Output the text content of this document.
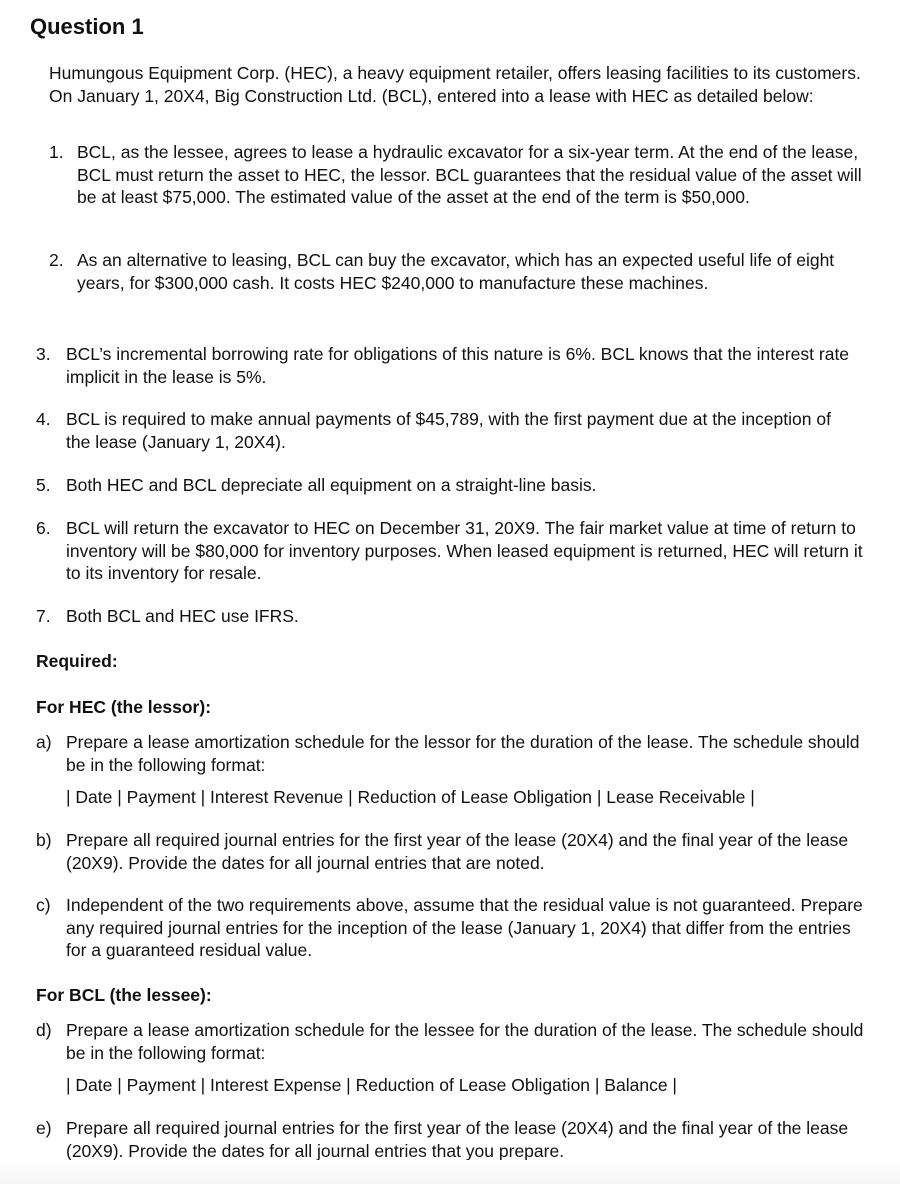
Question 1
Humungous Equipment Corp. (HEC), a heavy equipment retailer, offers leasing facilities to its customers. On January 1, 20X4, Big Construction Ltd. (BCL), entered into a lease with HEC as detailed below:
1. BCL, as the lessee, agrees to lease a hydraulic excavator for a six-year term. At the end of the lease, BCL must return the asset to HEC, the lessor. BCL guarantees that the residual value of the asset will be at least $75,000. The estimated value of the asset at the end of the term is $50,000.
2. As an alternative to leasing, BCL can buy the excavator, which has an expected useful life of eight years, for $300,000 cash. It costs HEC $240,000 to manufacture these machines.
3. BCL’s incremental borrowing rate for obligations of this nature is 6%. BCL knows that the interest rate implicit in the lease is 5%.
4. BCL is required to make annual payments of $45,789, with the first payment due at the inception of the lease (January 1, 20X4).
5. Both HEC and BCL depreciate all equipment on a straight-line basis.
6. BCL will return the excavator to HEC on December 31, 20X9. The fair market value at time of return to inventory will be $80,000 for inventory purposes. When leased equipment is returned, HEC will return it to its inventory for resale.
7. Both BCL and HEC use IFRS.
Required:
For HEC (the lessor):
a) Prepare a lease amortization schedule for the lessor for the duration of the lease. The schedule should be in the following format:
| Date | Payment | Interest Revenue | Reduction of Lease Obligation | Lease Receivable |
b) Prepare all required journal entries for the first year of the lease (20X4) and the final year of the lease (20X9). Provide the dates for all journal entries that are noted.
c) Independent of the two requirements above, assume that the residual value is not guaranteed. Prepare any required journal entries for the inception of the lease (January 1, 20X4) that differ from the entries for a guaranteed residual value.
For BCL (the lessee):
d) Prepare a lease amortization schedule for the lessee for the duration of the lease. The schedule should be in the following format:
| Date | Payment | Interest Expense | Reduction of Lease Obligation | Balance |
e) Prepare all required journal entries for the first year of the lease (20X4) and the final year of the lease (20X9). Provide the dates for all journal entries that you prepare.
